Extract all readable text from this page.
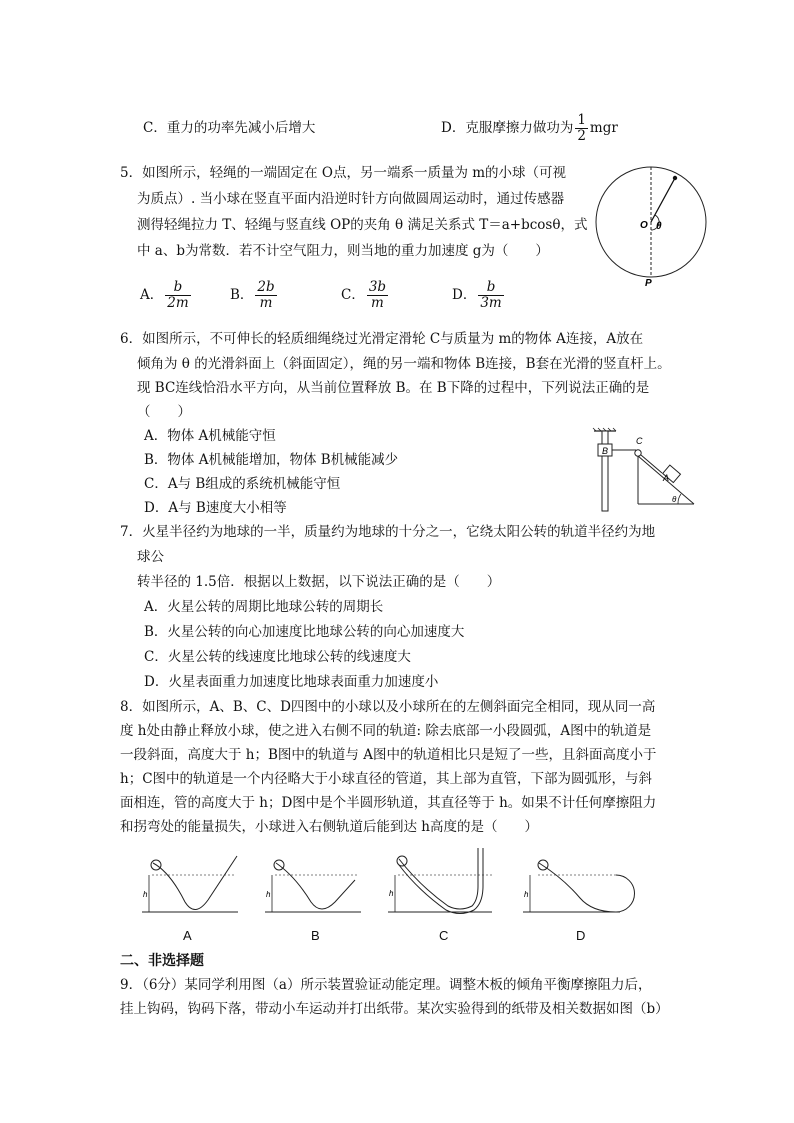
C．重力的功率先减小后增大	D．克服摩擦力做功为 $\frac{1}{2}$ mgr
5．如图所示，轻绳的一端固定在 O点，另一端系一质量为 m的小球（可视
为质点）. 当小球在竖直平面内沿逆时针方向做圆周运动时，通过传感器
测得轻绳拉力 T、轻绳与竖直线 OP的夹角 θ 满足关系式 T＝a+bcosθ，式
中 a、b为常数．若不计空气阻力，则当地的重力加速度 g为（　　）
A． $\frac{b}{2m}$	B． $\frac{2b}{m}$	C． $\frac{3b}{m}$	D． $\frac{b}{3m}$
O θ
P
6．如图所示，不可伸长的轻质细绳绕过光滑定滑轮 C与质量为 m的物体 A连接，A放在
倾角为 θ 的光滑斜面上（斜面固定），绳的另一端和物体 B连接，B套在光滑的竖直杆上。
现 BC连线恰沿水平方向，从当前位置释放 B。在 B下降的过程中，下列说法正确的是
（　　）
A．物体 A机械能守恒
B．物体 A机械能增加，物体 B机械能减少
C．A与 B组成的系统机械能守恒
D．A与 B速度大小相等
B
C
A
θ
7．火星半径约为地球的一半，质量约为地球的十分之一，它绕太阳公转的轨道半径约为地
球公
转半径的 1.5倍．根据以上数据，以下说法正确的是（　　）
A．火星公转的周期比地球公转的周期长
B．火星公转的向心加速度比地球公转的向心加速度大
C．火星公转的线速度比地球公转的线速度大
D．火星表面重力加速度比地球表面重力加速度小
8．如图所示，A、B、C、D四图中的小球以及小球所在的左侧斜面完全相同，现从同一高
度 h处由静止释放小球，使之进入右侧不同的轨道: 除去底部一小段圆弧，A图中的轨道是
一段斜面，高度大于 h；B图中的轨道与 A图中的轨道相比只是短了一些，且斜面高度小于
h；C图中的轨道是一个内径略大于小球直径的管道，其上部为直管，下部为圆弧形，与斜
面相连，管的高度大于 h；D图中是个半圆形轨道，其直径等于 h。如果不计任何摩擦阻力
和拐弯处的能量损失，小球进入右侧轨道后能到达 h高度的是（　　）
h
A
h
B
h
C
h
D
二、非选择题
9．（6分）某同学利用图（a）所示装置验证动能定理。调整木板的倾角平衡摩擦阻力后，
挂上钩码，钩码下落，带动小车运动并打出纸带。某次实验得到的纸带及相关数据如图（b）
